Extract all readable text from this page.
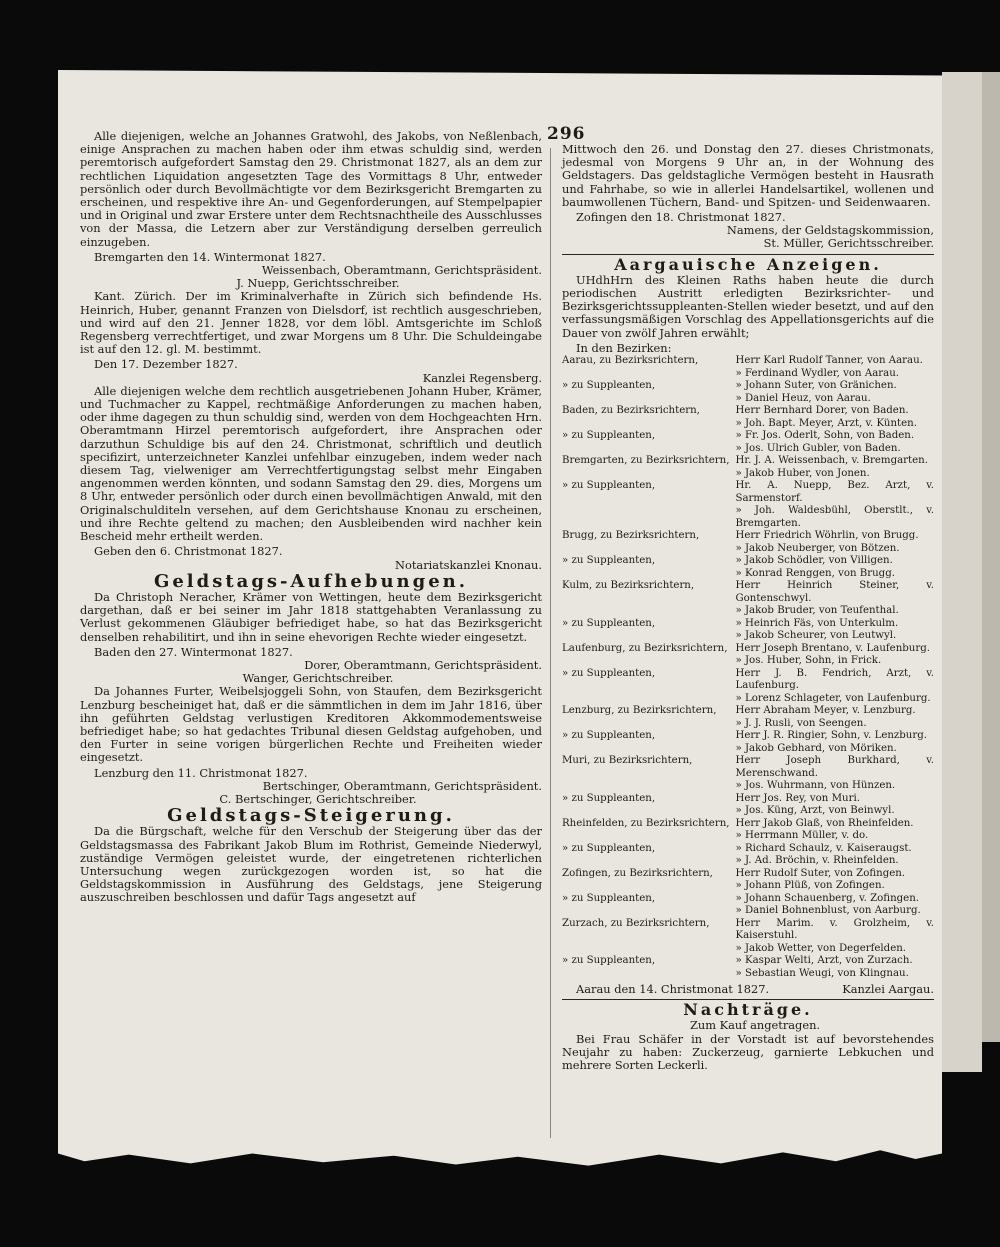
296

Alle diejenigen, welche an Johannes Gratwohl, des Jakobs, von Neßlenbach, einige Ansprachen zu machen haben oder ihm etwas schuldig sind, werden peremtorisch aufgefordert Samstag den 29. Christmonat 1827, als an dem zur rechtlichen Liquidation angesetzten Tage des Vormittags 8 Uhr, entweder persönlich oder durch Bevollmächtigte vor dem Bezirksgericht Bremgarten zu erscheinen, und respektive ihre An- und Gegenforderungen, auf Stempelpapier und in Original und zwar Erstere unter dem Rechtsnachtheile des Ausschlusses von der Massa, die Letzern aber zur Verständigung derselben gerreulich einzugeben.

Bremgarten den 14. Wintermonat 1827.

Weissenbach, Oberamtmann, Gerichtspräsident.

J. Nuepp, Gerichtsschreiber.

Kant. Zürich. Der im Kriminalverhafte in Zürich sich befindende Hs. Heinrich, Huber, genannt Franzen von Dielsdorf, ist rechtlich ausgeschrieben, und wird auf den 21. Jenner 1828, vor dem löbl. Amtsgerichte im Schloß Regensberg verrechtfertiget, und zwar Morgens um 8 Uhr. Die Schuldeingabe ist auf den 12. gl. M. bestimmt.

Den 17. Dezember 1827.

Kanzlei Regensberg.

Alle diejenigen welche dem rechtlich ausgetriebenen Johann Huber, Krämer, und Tuchmacher zu Kappel, rechtmäßige Anforderungen zu machen haben, oder ihme dagegen zu thun schuldig sind, werden von dem Hochgeachten Hrn. Oberamtmann Hirzel peremtorisch aufgefordert, ihre Ansprachen oder darzuthun Schuldige bis auf den 24. Christmonat, schriftlich und deutlich specifizirt, unterzeichneter Kanzlei unfehlbar einzugeben, indem weder nach diesem Tag, vielweniger am Verrechtfertigungstag selbst mehr Eingaben angenommen werden könnten, und sodann Samstag den 29. dies, Morgens um 8 Uhr, entweder persönlich oder durch einen bevollmächtigen Anwald, mit den Originalschulditeln versehen, auf dem Gerichtshause Knonau zu erscheinen, und ihre Rechte geltend zu machen; den Ausbleibenden wird nachher kein Bescheid mehr ertheilt werden.

Geben den 6. Christmonat 1827.

Notariatskanzlei Knonau.

Geldstags-Aufhebungen.

Da Christoph Neracher, Krämer von Wettingen, heute dem Bezirksgericht dargethan, daß er bei seiner im Jahr 1818 stattgehabten Veranlassung zu Verlust gekommenen Gläubiger befriediget habe, so hat das Bezirksgericht denselben rehabilitirt, und ihn in seine ehevorigen Rechte wieder eingesetzt.

Baden den 27. Wintermonat 1827.

Dorer, Oberamtmann, Gerichtspräsident.

Wanger, Gerichtschreiber.

Da Johannes Furter, Weibelsjoggeli Sohn, von Staufen, dem Bezirksgericht Lenzburg bescheiniget hat, daß er die sämmtlichen in dem im Jahr 1816, über ihn geführten Geldstag verlustigen Kreditoren Akkommodementsweise befriediget habe; so hat gedachtes Tribunal diesen Geldstag aufgehoben, und den Furter in seine vorigen bürgerlichen Rechte und Freiheiten wieder eingesetzt.

Lenzburg den 11. Christmonat 1827.

Bertschinger, Oberamtmann, Gerichtspräsident.

C. Bertschinger, Gerichtschreiber.

Geldstags-Steigerung.

Da die Bürgschaft, welche für den Verschub der Steigerung über das der Geldstagsmassa des Fabrikant Jakob Blum im Rothrist, Gemeinde Niederwyl, zuständige Vermögen geleistet wurde, der eingetretenen richterlichen Untersuchung wegen zurückgezogen worden ist, so hat die Geldstagskommission in Ausführung des Geldstags, jene Steigerung auszuschreiben beschlossen und dafür Tags angesetzt auf

Mittwoch den 26. und Donstag den 27. dieses Christmonats, jedesmal von Morgens 9 Uhr an, in der Wohnung des Geldstagers. Das geldstagliche Vermögen besteht in Hausrath und Fahrhabe, so wie in allerlei Handelsartikel, wollenen und baumwollenen Tüchern, Band- und Spitzen- und Seidenwaaren.

Zofingen den 18. Christmonat 1827.

Namens, der Geldstagskommission,

St. Müller, Gerichtsschreiber.

Aargauische Anzeigen.

UHdhHrn des Kleinen Raths haben heute die durch periodischen Austritt erledigten Bezirksrichter- und Bezirksgerichtssuppleanten-Stellen wieder besetzt, und auf den verfassungsmäßigen Vorschlag des Appellationsgerichts auf die Dauer von zwölf Jahren erwählt;

In den Bezirken:

Aarau, zu Bezirksrichtern,	Herr Karl Rudolf Tanner, von Aarau.
	» Ferdinand Wydler, von Aarau.
» zu Suppleanten,	» Johann Suter, von Gränichen.
	» Daniel Heuz, von Aarau.
Baden, zu Bezirksrichtern,	Herr Bernhard Dorer, von Baden.
	» Joh. Bapt. Meyer, Arzt, v. Künten.
» zu Suppleanten,	» Fr. Jos. Oderlt, Sohn, von Baden.
	» Jos. Ulrich Gubler, von Baden.
Bremgarten, zu Bezirksrichtern,	Hr. J. A. Weissenbach, v. Bremgarten.
	» Jakob Huber, von Jonen.
» zu Suppleanten,	Hr. A. Nuepp, Bez. Arzt, v. Sarmenstorf.
	» Joh. Waldesbühl, Oberstlt., v. Bremgarten.
Brugg, zu Bezirksrichtern,	Herr Friedrich Wöhrlin, von Brugg.
	» Jakob Neuberger, von Bötzen.
» zu Suppleanten,	» Jakob Schödler, von Villigen.
	» Konrad Renggen, von Brugg.
Kulm, zu Bezirksrichtern,	Herr Heinrich Steiner, v. Gontenschwyl.
	» Jakob Bruder, von Teufenthal.
» zu Suppleanten,	» Heinrich Fäs, von Unterkulm.
	» Jakob Scheurer, von Leutwyl.
Laufenburg, zu Bezirksrichtern,	Herr Joseph Brentano, v. Laufenburg.
	» Jos. Huber, Sohn, in Frick.
» zu Suppleanten,	Herr J. B. Fendrich, Arzt, v. Laufenburg.
	» Lorenz Schlageter, von Laufenburg.
Lenzburg, zu Bezirksrichtern,	Herr Abraham Meyer, v. Lenzburg.
	» J. J. Rusli, von Seengen.
» zu Suppleanten,	Herr J. R. Ringier, Sohn, v. Lenzburg.
	» Jakob Gebhard, von Möriken.
Muri, zu Bezirksrichtern,	Herr Joseph Burkhard, v. Merenschwand.
	» Jos. Wuhrmann, von Hünzen.
» zu Suppleanten,	Herr Jos. Rey, von Muri.
	» Jos. Küng, Arzt, von Beinwyl.
Rheinfelden, zu Bezirksrichtern,	Herr Jakob Glaß, von Rheinfelden.
	» Herrmann Müller, v. do.
» zu Suppleanten,	» Richard Schaulz, v. Kaiseraugst.
	» J. Ad. Bröchin, v. Rheinfelden.
Zofingen, zu Bezirksrichtern,	Herr Rudolf Suter, von Zofingen.
	» Johann Plüß, von Zofingen.
» zu Suppleanten,	» Johann Schauenberg, v. Zofingen.
	» Daniel Bohnenblust, von Aarburg.
Zurzach, zu Bezirksrichtern,	Herr Marim. v. Grolzheim, v. Kaiserstuhl.
	» Jakob Wetter, von Degerfelden.
» zu Suppleanten,	» Kaspar Welti, Arzt, von Zurzach.
	» Sebastian Weugi, von Klingnau.

Aarau den 14. Christmonat 1827.	Kanzlei Aargau.

Nachträge.

Zum Kauf angetragen.

Bei Frau Schäfer in der Vorstadt ist auf bevorstehendes Neujahr zu haben: Zuckerzeug, garnierte Lebkuchen und mehrere Sorten Leckerli.
